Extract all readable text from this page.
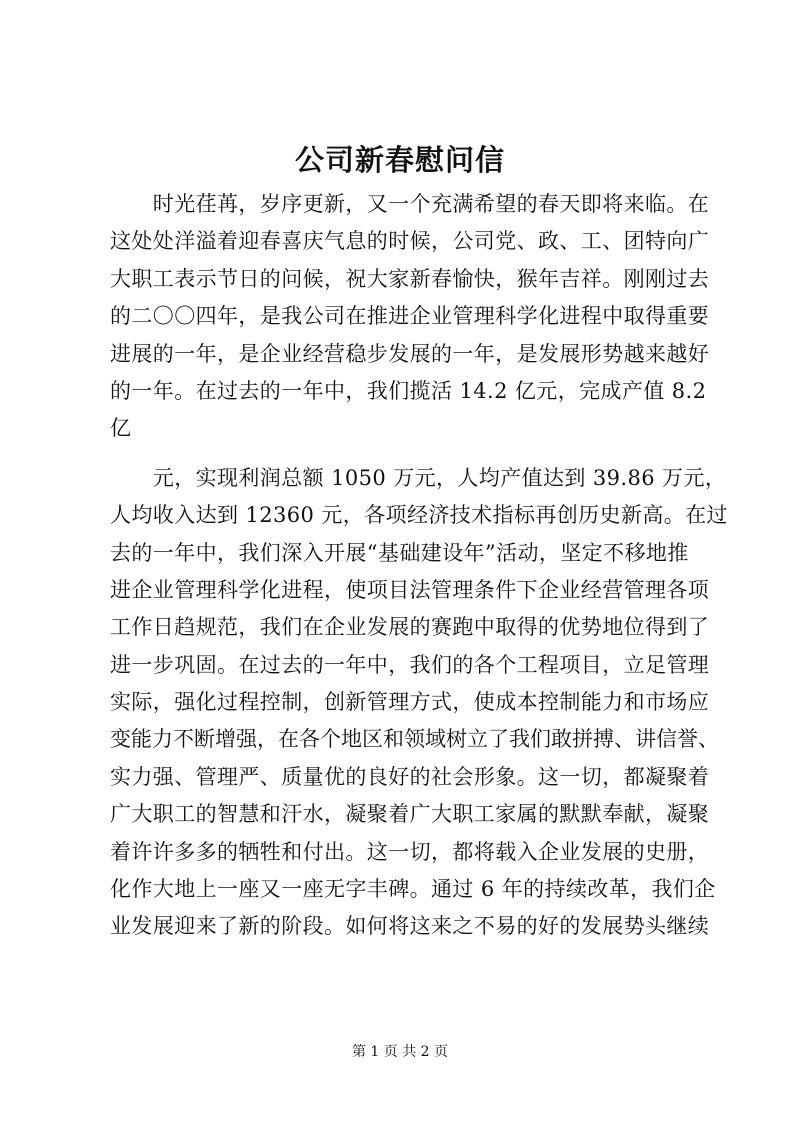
公司新春慰问信
　　时光荏苒，岁序更新，又一个充满希望的春天即将来临。在
这处处洋溢着迎春喜庆气息的时候，公司党、政、工、团特向广
大职工表示节日的问候，祝大家新春愉快，猴年吉祥。刚刚过去
的二〇〇四年，是我公司在推进企业管理科学化进程中取得重要
进展的一年，是企业经营稳步发展的一年，是发展形势越来越好
的一年。在过去的一年中，我们揽活 14.2 亿元，完成产值 8.2
亿
　　元，实现利润总额 1050 万元，人均产值达到 39.86 万元，
人均收入达到 12360 元，各项经济技术指标再创历史新高。在过
去的一年中，我们深入开展“基础建设年”活动，坚定不移地推
进企业管理科学化进程，使项目法管理条件下企业经营管理各项
工作日趋规范，我们在企业发展的赛跑中取得的优势地位得到了
进一步巩固。在过去的一年中，我们的各个工程项目，立足管理
实际，强化过程控制，创新管理方式，使成本控制能力和市场应
变能力不断增强，在各个地区和领域树立了我们敢拼搏、讲信誉、
实力强、管理严、质量优的良好的社会形象。这一切，都凝聚着
广大职工的智慧和汗水，凝聚着广大职工家属的默默奉献，凝聚
着许许多多的牺牲和付出。这一切，都将载入企业发展的史册，
化作大地上一座又一座无字丰碑。通过 6 年的持续改革，我们企
业发展迎来了新的阶段。如何将这来之不易的好的发展势头继续
第 1 页 共 2 页
